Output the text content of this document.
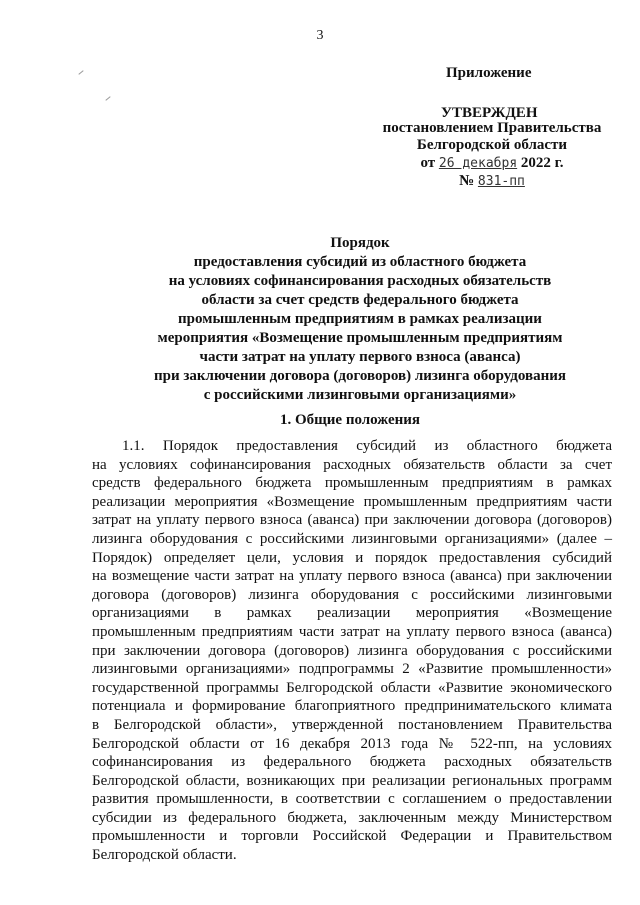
3
Приложение
УТВЕРЖДЕН
постановлением Правительства
Белгородской области
от 26 декабря 2022 г.
№ 831-пп
Порядок
предоставления субсидий из областного бюджета
на условиях софинансирования расходных обязательств
области за счет средств федерального бюджета
промышленным предприятиям в рамках реализации
мероприятия «Возмещение промышленным предприятиям
части затрат на уплату первого взноса (аванса)
при заключении договора (договоров) лизинга оборудования
с российскими лизинговыми организациями»
1. Общие положения
1.1. Порядок предоставления субсидий из областного бюджета
на условиях софинансирования расходных обязательств области за счет
средств федерального бюджета промышленным предприятиям в рамках
реализации мероприятия «Возмещение промышленным предприятиям части
затрат на уплату первого взноса (аванса) при заключении договора (договоров)
лизинга оборудования с российскими лизинговыми организациями» (далее –
Порядок) определяет цели, условия и порядок предоставления субсидий
на возмещение части затрат на уплату первого взноса (аванса) при заключении
договора (договоров) лизинга оборудования с российскими лизинговыми
организациями в рамках реализации мероприятия «Возмещение
промышленным предприятиям части затрат на уплату первого взноса (аванса)
при заключении договора (договоров) лизинга оборудования с российскими
лизинговыми организациями» подпрограммы 2 «Развитие промышленности»
государственной программы Белгородской области «Развитие экономического
потенциала и формирование благоприятного предпринимательского климата
в Белгородской области», утвержденной постановлением Правительства
Белгородской области от 16 декабря 2013 года № 522-пп, на условиях
софинансирования из федерального бюджета расходных обязательств
Белгородской области, возникающих при реализации региональных программ
развития промышленности, в соответствии с соглашением о предоставлении
субсидии из федерального бюджета, заключенным между Министерством
промышленности и торговли Российской Федерации и Правительством
Белгородской области.
